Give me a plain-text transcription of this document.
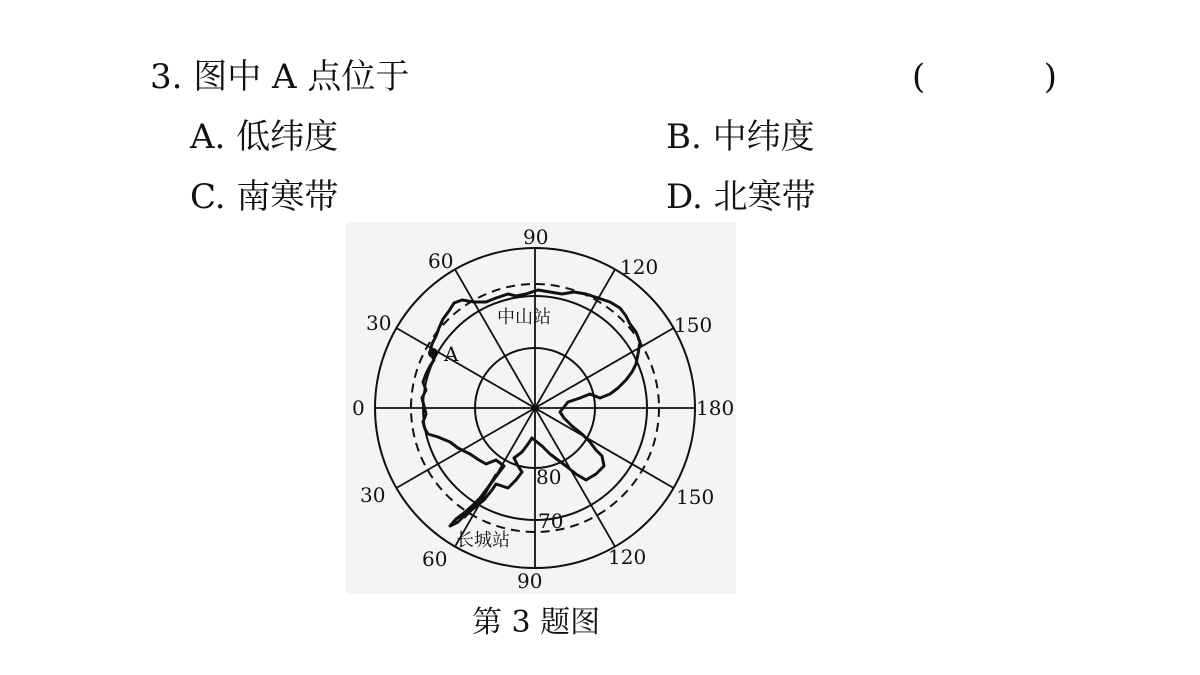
3. 图中 A 点位于	(	)
A. 低纬度	B. 中纬度
C. 南寒带	D. 北寒带
A
中山站
长城站
90
60	120
30	150
0	180
30	150
60	120
90
80
70
第 3 题图
